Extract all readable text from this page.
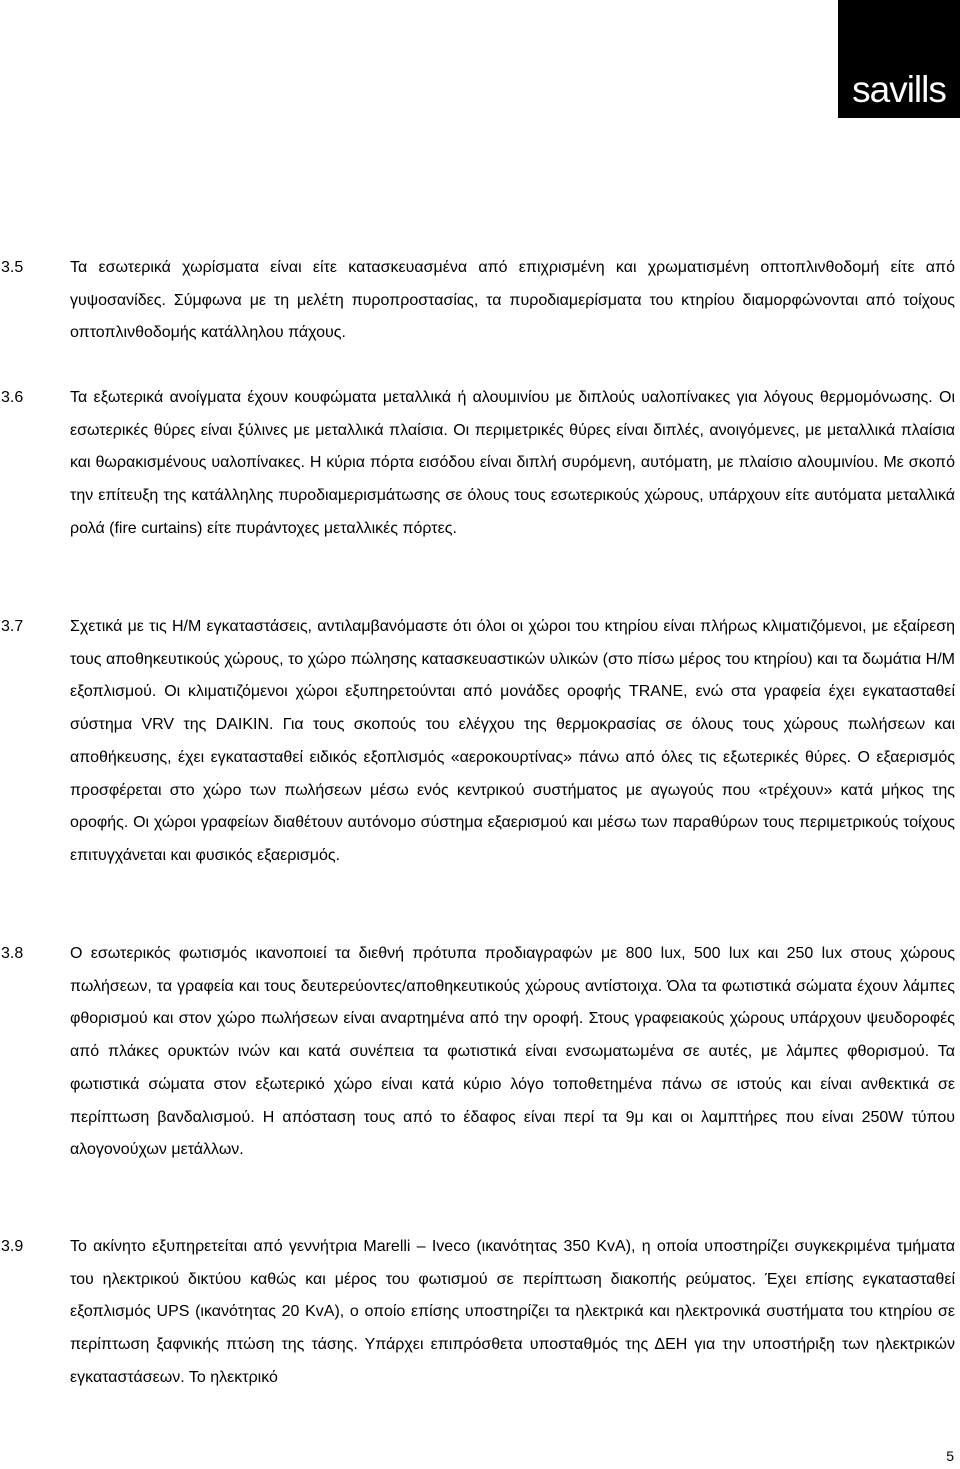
savills
3.5	Τα εσωτερικά χωρίσματα είναι είτε κατασκευασμένα από επιχρισμένη και χρωματισμένη οπτοπλινθοδομή είτε από γυψοσανίδες. Σύμφωνα με τη μελέτη πυροπροστασίας, τα πυροδιαμερίσματα του κτηρίου διαμορφώνονται από τοίχους οπτοπλινθοδομής κατάλληλου πάχους.

3.6	Τα εξωτερικά ανοίγματα έχουν κουφώματα μεταλλικά ή αλουμινίου με διπλούς υαλοπίνακες για λόγους θερμομόνωσης. Οι εσωτερικές θύρες είναι ξύλινες με μεταλλικά πλαίσια. Οι περιμετρικές θύρες είναι διπλές, ανοιγόμενες, με μεταλλικά πλαίσια και θωρακισμένους υαλοπίνακες. Η κύρια πόρτα εισόδου είναι διπλή συρόμενη, αυτόματη, με πλαίσιο αλουμινίου. Με σκοπό την επίτευξη της κατάλληλης πυροδιαμερισμάτωσης σε όλους τους εσωτερικούς χώρους, υπάρχουν είτε αυτόματα μεταλλικά ρολά (fire curtains) είτε πυράντοχες μεταλλικές πόρτες.

3.7	Σχετικά με τις Η/Μ εγκαταστάσεις, αντιλαμβανόμαστε ότι όλοι οι χώροι του κτηρίου είναι πλήρως κλιματιζόμενοι, με εξαίρεση τους αποθηκευτικούς χώρους, το χώρο πώλησης κατασκευαστικών υλικών (στο πίσω μέρος του κτηρίου) και τα δωμάτια Η/Μ εξοπλισμού. Οι κλιματιζόμενοι χώροι εξυπηρετούνται από μονάδες οροφής TRANE, ενώ στα γραφεία έχει εγκατασταθεί σύστημα VRV της DAIKIN. Για τους σκοπούς του ελέγχου της θερμοκρασίας σε όλους τους χώρους πωλήσεων και αποθήκευσης, έχει εγκατασταθεί ειδικός εξοπλισμός «αεροκουρτίνας» πάνω από όλες τις εξωτερικές θύρες. Ο εξαερισμός προσφέρεται στο χώρο των πωλήσεων μέσω ενός κεντρικού συστήματος με αγωγούς που «τρέχουν» κατά μήκος της οροφής. Οι χώροι γραφείων διαθέτουν αυτόνομο σύστημα εξαερισμού και μέσω των παραθύρων τους περιμετρικούς τοίχους επιτυγχάνεται και φυσικός εξαερισμός.

3.8	Ο εσωτερικός φωτισμός ικανοποιεί τα διεθνή πρότυπα προδιαγραφών με 800 lux, 500 lux και 250 lux στους χώρους πωλήσεων, τα γραφεία και τους δευτερεύοντες/αποθηκευτικούς χώρους αντίστοιχα. Όλα τα φωτιστικά σώματα έχουν λάμπες φθορισμού και στον χώρο πωλήσεων είναι αναρτημένα από την οροφή. Στους γραφειακούς χώρους υπάρχουν ψευδοροφές από πλάκες ορυκτών ινών και κατά συνέπεια τα φωτιστικά είναι ενσωματωμένα σε αυτές, με λάμπες φθορισμού. Τα φωτιστικά σώματα στον εξωτερικό χώρο είναι κατά κύριο λόγο τοποθετημένα πάνω σε ιστούς και είναι ανθεκτικά σε περίπτωση βανδαλισμού. Η απόσταση τους από το έδαφος είναι περί τα 9μ και οι λαμπτήρες που είναι 250W τύπου αλογονούχων μετάλλων.

3.9	Το ακίνητο εξυπηρετείται από γεννήτρια Marelli – Iveco (ικανότητας 350 KvA), η οποία υποστηρίζει συγκεκριμένα τμήματα του ηλεκτρικού δικτύου καθώς και μέρος του φωτισμού σε περίπτωση διακοπής ρεύματος. Έχει επίσης εγκατασταθεί εξοπλισμός UPS (ικανότητας 20 KvA), ο οποίο επίσης υποστηρίζει τα ηλεκτρικά και ηλεκτρονικά συστήματα του κτηρίου σε περίπτωση ξαφνικής πτώση της τάσης. Υπάρχει επιπρόσθετα υποσταθμός της ΔΕΗ για την υποστήριξη των ηλεκτρικών εγκαταστάσεων. Το ηλεκτρικό

5
